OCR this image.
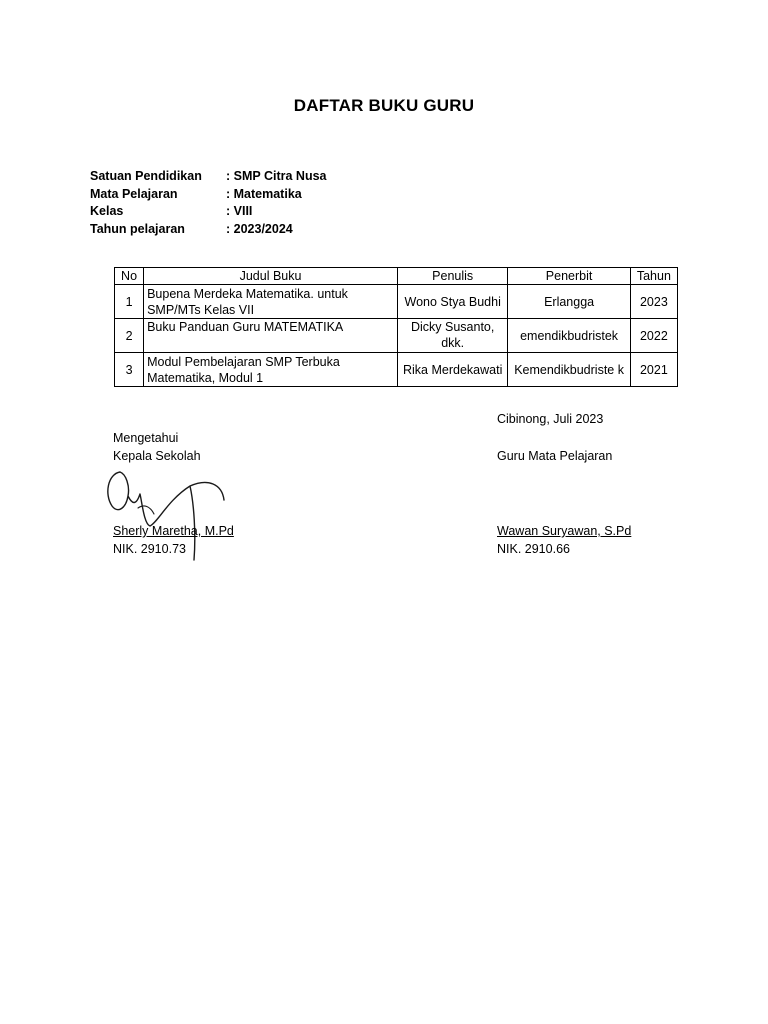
DAFTAR BUKU GURU
Satuan Pendidikan	: SMP Citra Nusa
Mata Pelajaran	: Matematika
Kelas	: VIII
Tahun pelajaran	: 2023/2024
No	Judul Buku	Penulis	Penerbit	Tahun
1	Bupena Merdeka Matematika. untuk SMP/MTs Kelas VII	Wono Stya Budhi	Erlangga	2023
2	Buku Panduan Guru MATEMATIKA	Dicky Susanto, dkk.	emendikbudristek	2022
3	Modul Pembelajaran SMP Terbuka Matematika, Modul 1	Rika Merdekawati	Kemendikbudriste k	2021
Cibinong, Juli 2023
Mengetahui
Kepala Sekolah	Guru Mata Pelajaran
Sherly Maretha, M.Pd	Wawan Suryawan, S.Pd
NIK. 2910.73	NIK. 2910.66
